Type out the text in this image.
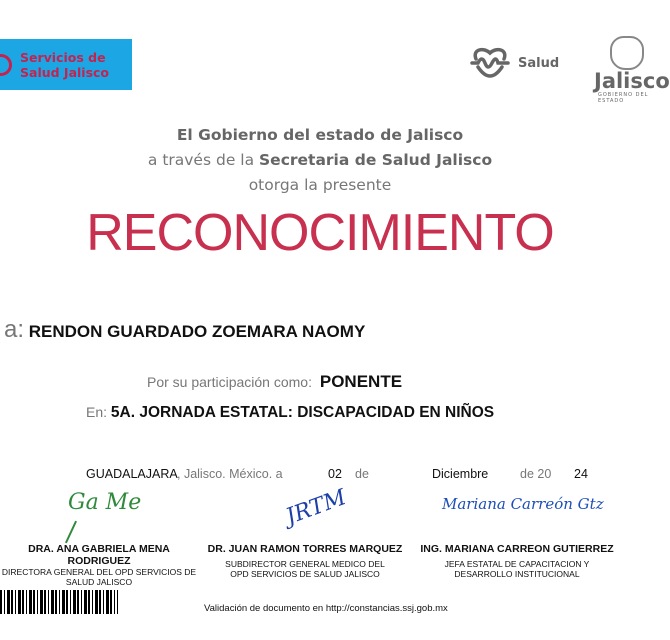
Servicios de Salud Jalisco
Salud
Jalisco
GOBIERNO DEL ESTADO
El Gobierno del estado de Jalisco
a través de la Secretaria de Salud Jalisco
otorga la presente
RECONOCIMIENTO
a: RENDON GUARDADO ZOEMARA NAOMY
Por su participación como: PONENTE
En: 5A. JORNADA ESTATAL: DISCAPACIDAD EN NIÑOS
GUADALAJARA , Jalisco. México. a	02 de	Diciembre	de 20 24
Ga Me	JRTM	Mariana Carreón Gtz
DRA. ANA GABRIELA MENA RODRIGUEZ
DIRECTORA GENERAL DEL OPD SERVICIOS DE SALUD JALISCO
DR. JUAN RAMON TORRES MARQUEZ
SUBDIRECTOR GENERAL MEDICO DEL OPD SERVICIOS DE SALUD JALISCO
ING. MARIANA CARREON GUTIERREZ
JEFA ESTATAL DE CAPACITACION Y DESARROLLO INSTITUCIONAL
Validación de documento en http://constancias.ssj.gob.mx
